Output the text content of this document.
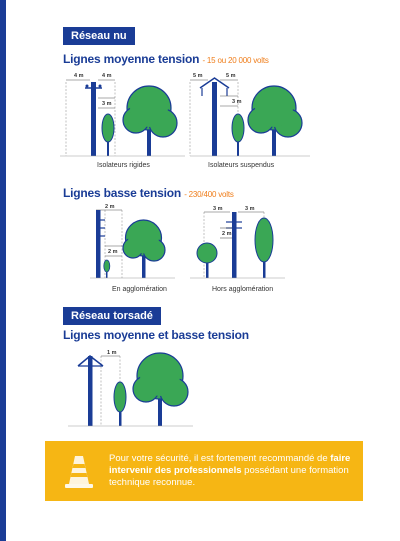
Réseau nu
Lignes moyenne tension - 15 ou 20 000 volts
4 m	4 m
3 m
Isolateurs rigides
5 m	5 m
3 m
Isolateurs suspendus
Lignes basse tension - 230/400 volts
2 m
2 m
En agglomération
3 m	3 m
2 m
Hors agglomération
Réseau torsadé
Lignes moyenne et basse tension
1 m

Pour votre sécurité, il est fortement recommandé de faire intervenir des professionnels possédant une formation technique reconnue.
